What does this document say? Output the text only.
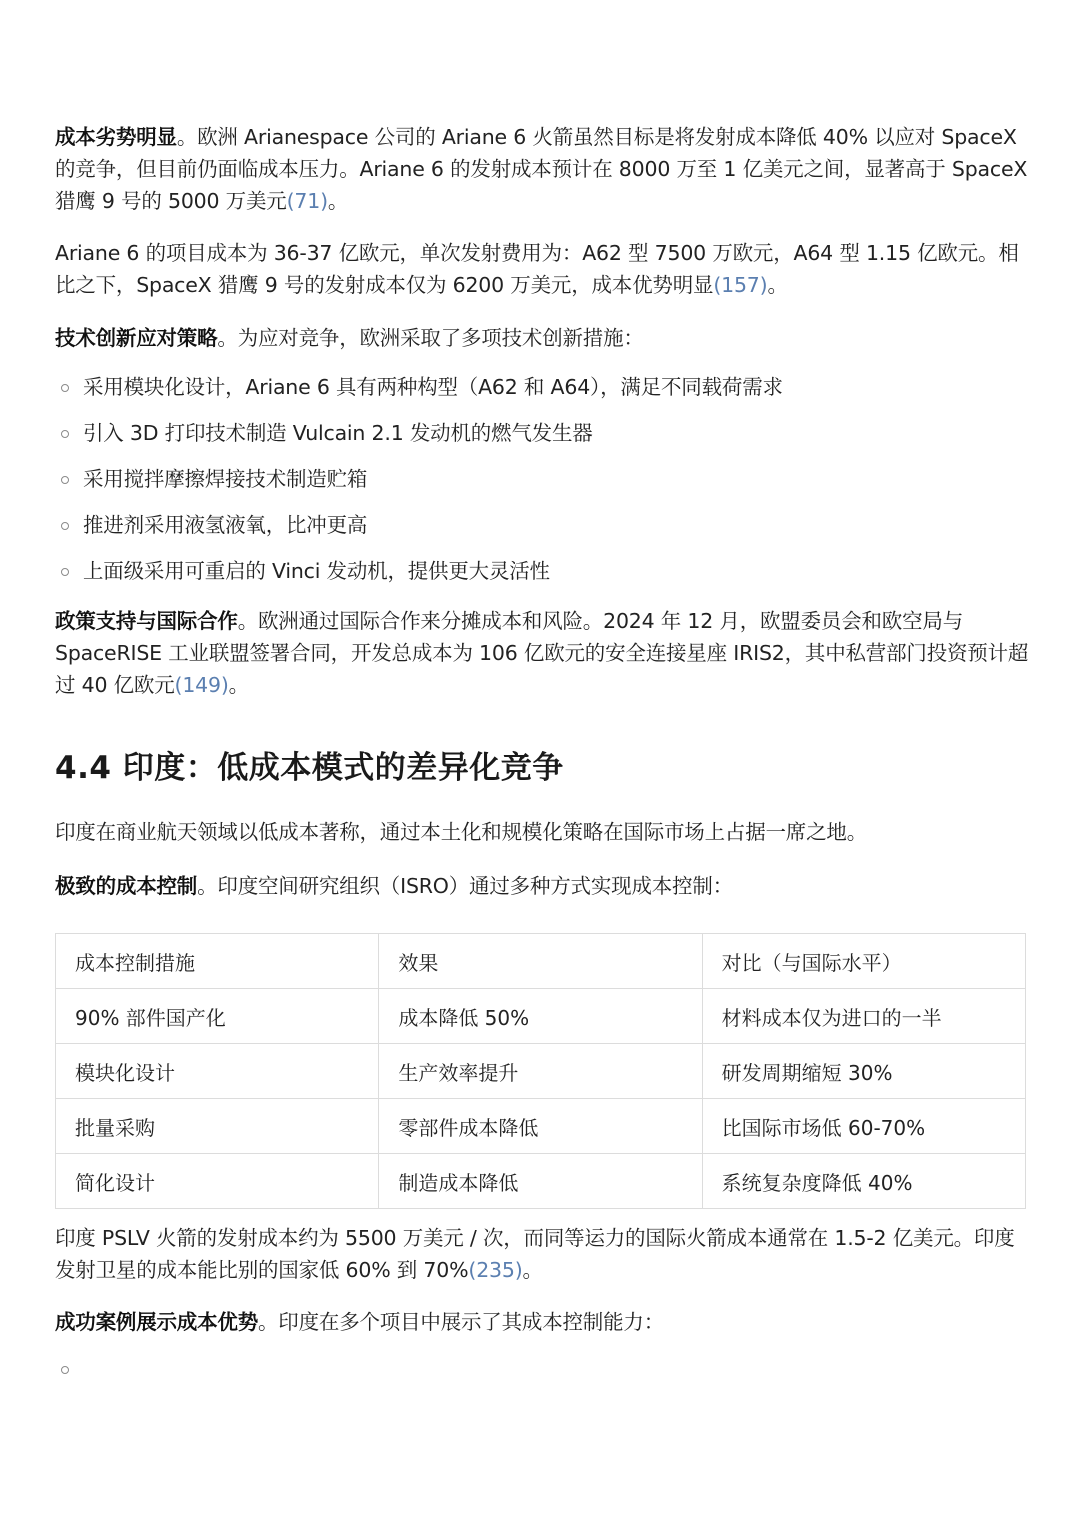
成本劣势明显。欧洲 Arianespace 公司的 Ariane 6 火箭虽然目标是将发射成本降低 40% 以应对 SpaceX 的竞争，但目前仍面临成本压力。Ariane 6 的发射成本预计在 8000 万至 1 亿美元之间，显著高于 SpaceX 猎鹰 9 号的 5000 万美元(71)。

Ariane 6 的项目成本为 36-37 亿欧元，单次发射费用为：A62 型 7500 万欧元，A64 型 1.15 亿欧元。相比之下，SpaceX 猎鹰 9 号的发射成本仅为 6200 万美元，成本优势明显(157)。

技术创新应对策略。为应对竞争，欧洲采取了多项技术创新措施：

采用模块化设计，Ariane 6 具有两种构型（A62 和 A64），满足不同载荷需求
引入 3D 打印技术制造 Vulcain 2.1 发动机的燃气发生器
采用搅拌摩擦焊接技术制造贮箱
推进剂采用液氢液氧，比冲更高
上面级采用可重启的 Vinci 发动机，提供更大灵活性

政策支持与国际合作。欧洲通过国际合作来分摊成本和风险。2024 年 12 月，欧盟委员会和欧空局与 SpaceRISE 工业联盟签署合同，开发总成本为 106 亿欧元的安全连接星座 IRIS2，其中私营部门投资预计超过 40 亿欧元(149)。

4.4 印度：低成本模式的差异化竞争

印度在商业航天领域以低成本著称，通过本土化和规模化策略在国际市场上占据一席之地。

极致的成本控制。印度空间研究组织（ISRO）通过多种方式实现成本控制：

成本控制措施	效果	对比（与国际水平）
90% 部件国产化	成本降低 50%	材料成本仅为进口的一半
模块化设计	生产效率提升	研发周期缩短 30%
批量采购	零部件成本降低	比国际市场低 60-70%
简化设计	制造成本降低	系统复杂度降低 40%

印度 PSLV 火箭的发射成本约为 5500 万美元 / 次，而同等运力的国际火箭成本通常在 1.5-2 亿美元。印度发射卫星的成本能比别的国家低 60% 到 70%(235)。

成功案例展示成本优势。印度在多个项目中展示了其成本控制能力：
